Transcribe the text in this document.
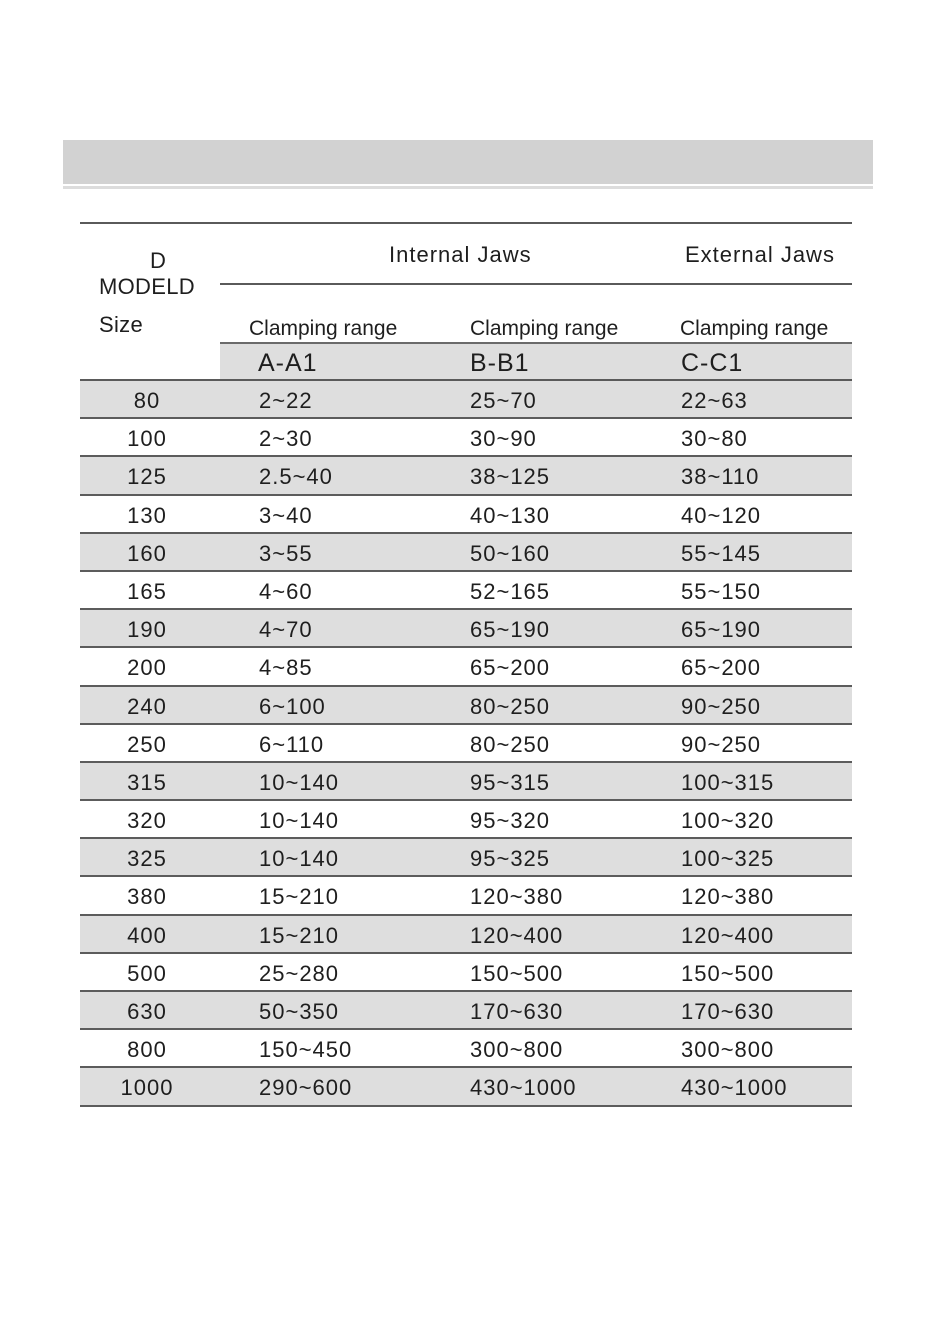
D
MODELD
Size
Internal Jaws	External Jaws
Clamping range	Clamping range	Clamping range
A-A1	B-B1	C-C1
80	2~22	25~70	22~63
100	2~30	30~90	30~80
125	2.5~40	38~125	38~110
130	3~40	40~130	40~120
160	3~55	50~160	55~145
165	4~60	52~165	55~150
190	4~70	65~190	65~190
200	4~85	65~200	65~200
240	6~100	80~250	90~250
250	6~110	80~250	90~250
315	10~140	95~315	100~315
320	10~140	95~320	100~320
325	10~140	95~325	100~325
380	15~210	120~380	120~380
400	15~210	120~400	120~400
500	25~280	150~500	150~500
630	50~350	170~630	170~630
800	150~450	300~800	300~800
1000	290~600	430~1000	430~1000
